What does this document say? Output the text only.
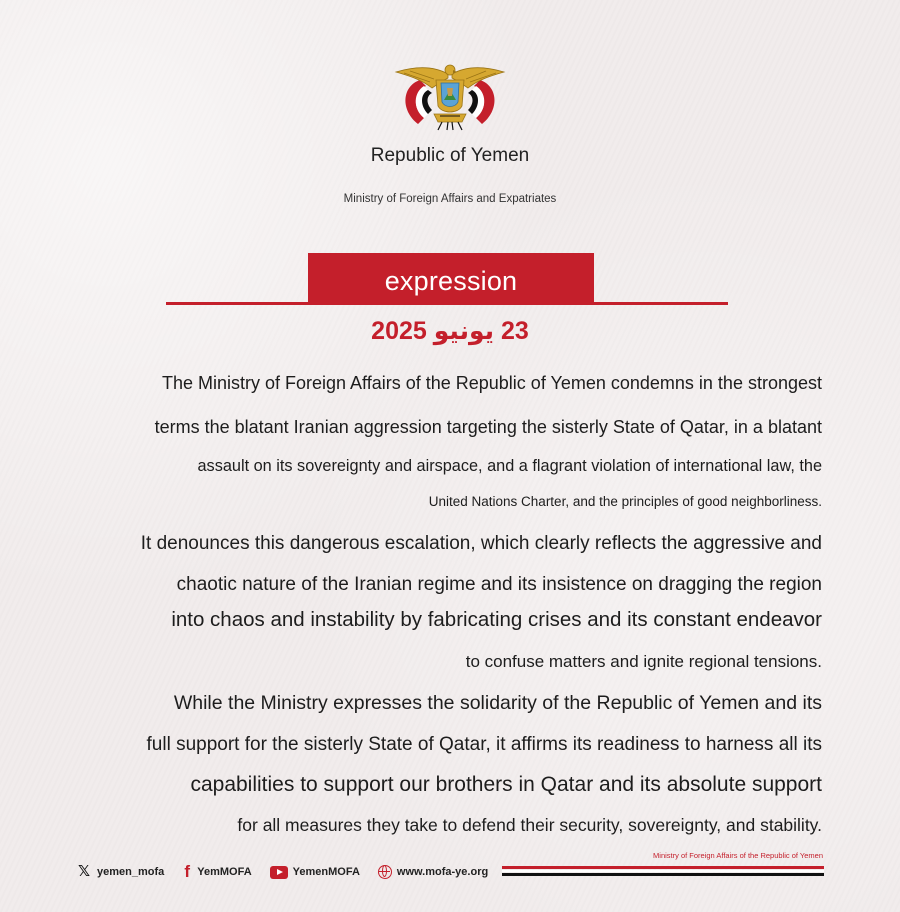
Republic of Yemen
Ministry of Foreign Affairs and Expatriates
expression
23 يونيو 2025
The Ministry of Foreign Affairs of the Republic of Yemen condemns in the strongest
terms the blatant Iranian aggression targeting the sisterly State of Qatar, in a blatant
assault on its sovereignty and airspace, and a flagrant violation of international law, the
United Nations Charter, and the principles of good neighborliness.
It denounces this dangerous escalation, which clearly reflects the aggressive and
chaotic nature of the Iranian regime and its insistence on dragging the region
into chaos and instability by fabricating crises and its constant endeavor
to confuse matters and ignite regional tensions.
While the Ministry expresses the solidarity of the Republic of Yemen and its
full support for the sisterly State of Qatar, it affirms its readiness to harness all its
capabilities to support our brothers in Qatar and its absolute support
for all measures they take to defend their security, sovereignty, and stability.
𝕏 yemen_mofa f YemMOFA	YemenMOFA	www.mofa-ye.org
Ministry of Foreign Affairs of the Republic of Yemen
